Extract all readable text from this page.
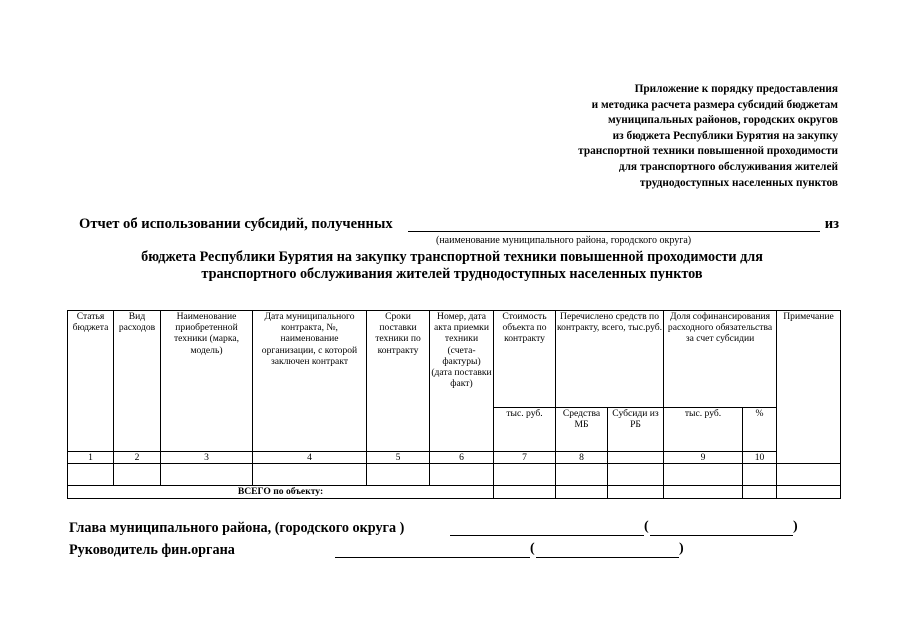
Приложение к порядку предоставления
и методика расчета размера субсидий бюджетам
муниципальных районов, городских округов
из бюджета Республики Бурятия на закупку
транспортной техники повышенной проходимости
для транспортного обслуживания жителей
труднодоступных населенных пунктов
Отчет об использовании субсидий, полученных	из
(наименование муниципального района, городского округа)
бюджета Республики Бурятия на закупку транспортной техники повышенной проходимости для
транспортного обслуживания жителей труднодоступных населенных пунктов
Статья бюджета	Вид расходов	Наименование приобретенной техники (марка, модель)	Дата муниципального контракта, №, наименование организации, с которой заключен контракт	Сроки поставки техники по контракту	Номер, дата акта приемки техники (счета-фактуры) (дата поставки факт)	Стоимость объекта по контракту	Перечислено средств по контракту, всего, тыс.руб.		Доля софинансирования расходного обязательства за счет субсидии		Примечание
						тыс. руб.	Средства МБ	Субсиди из РБ	тыс. руб.	%	
1	2	3	4	5	6	7	8		9	10	

ВСЕГО по объекту:											
Глава муниципального района, (городского округа )	(	)
Руководитель фин.органа	(	)
